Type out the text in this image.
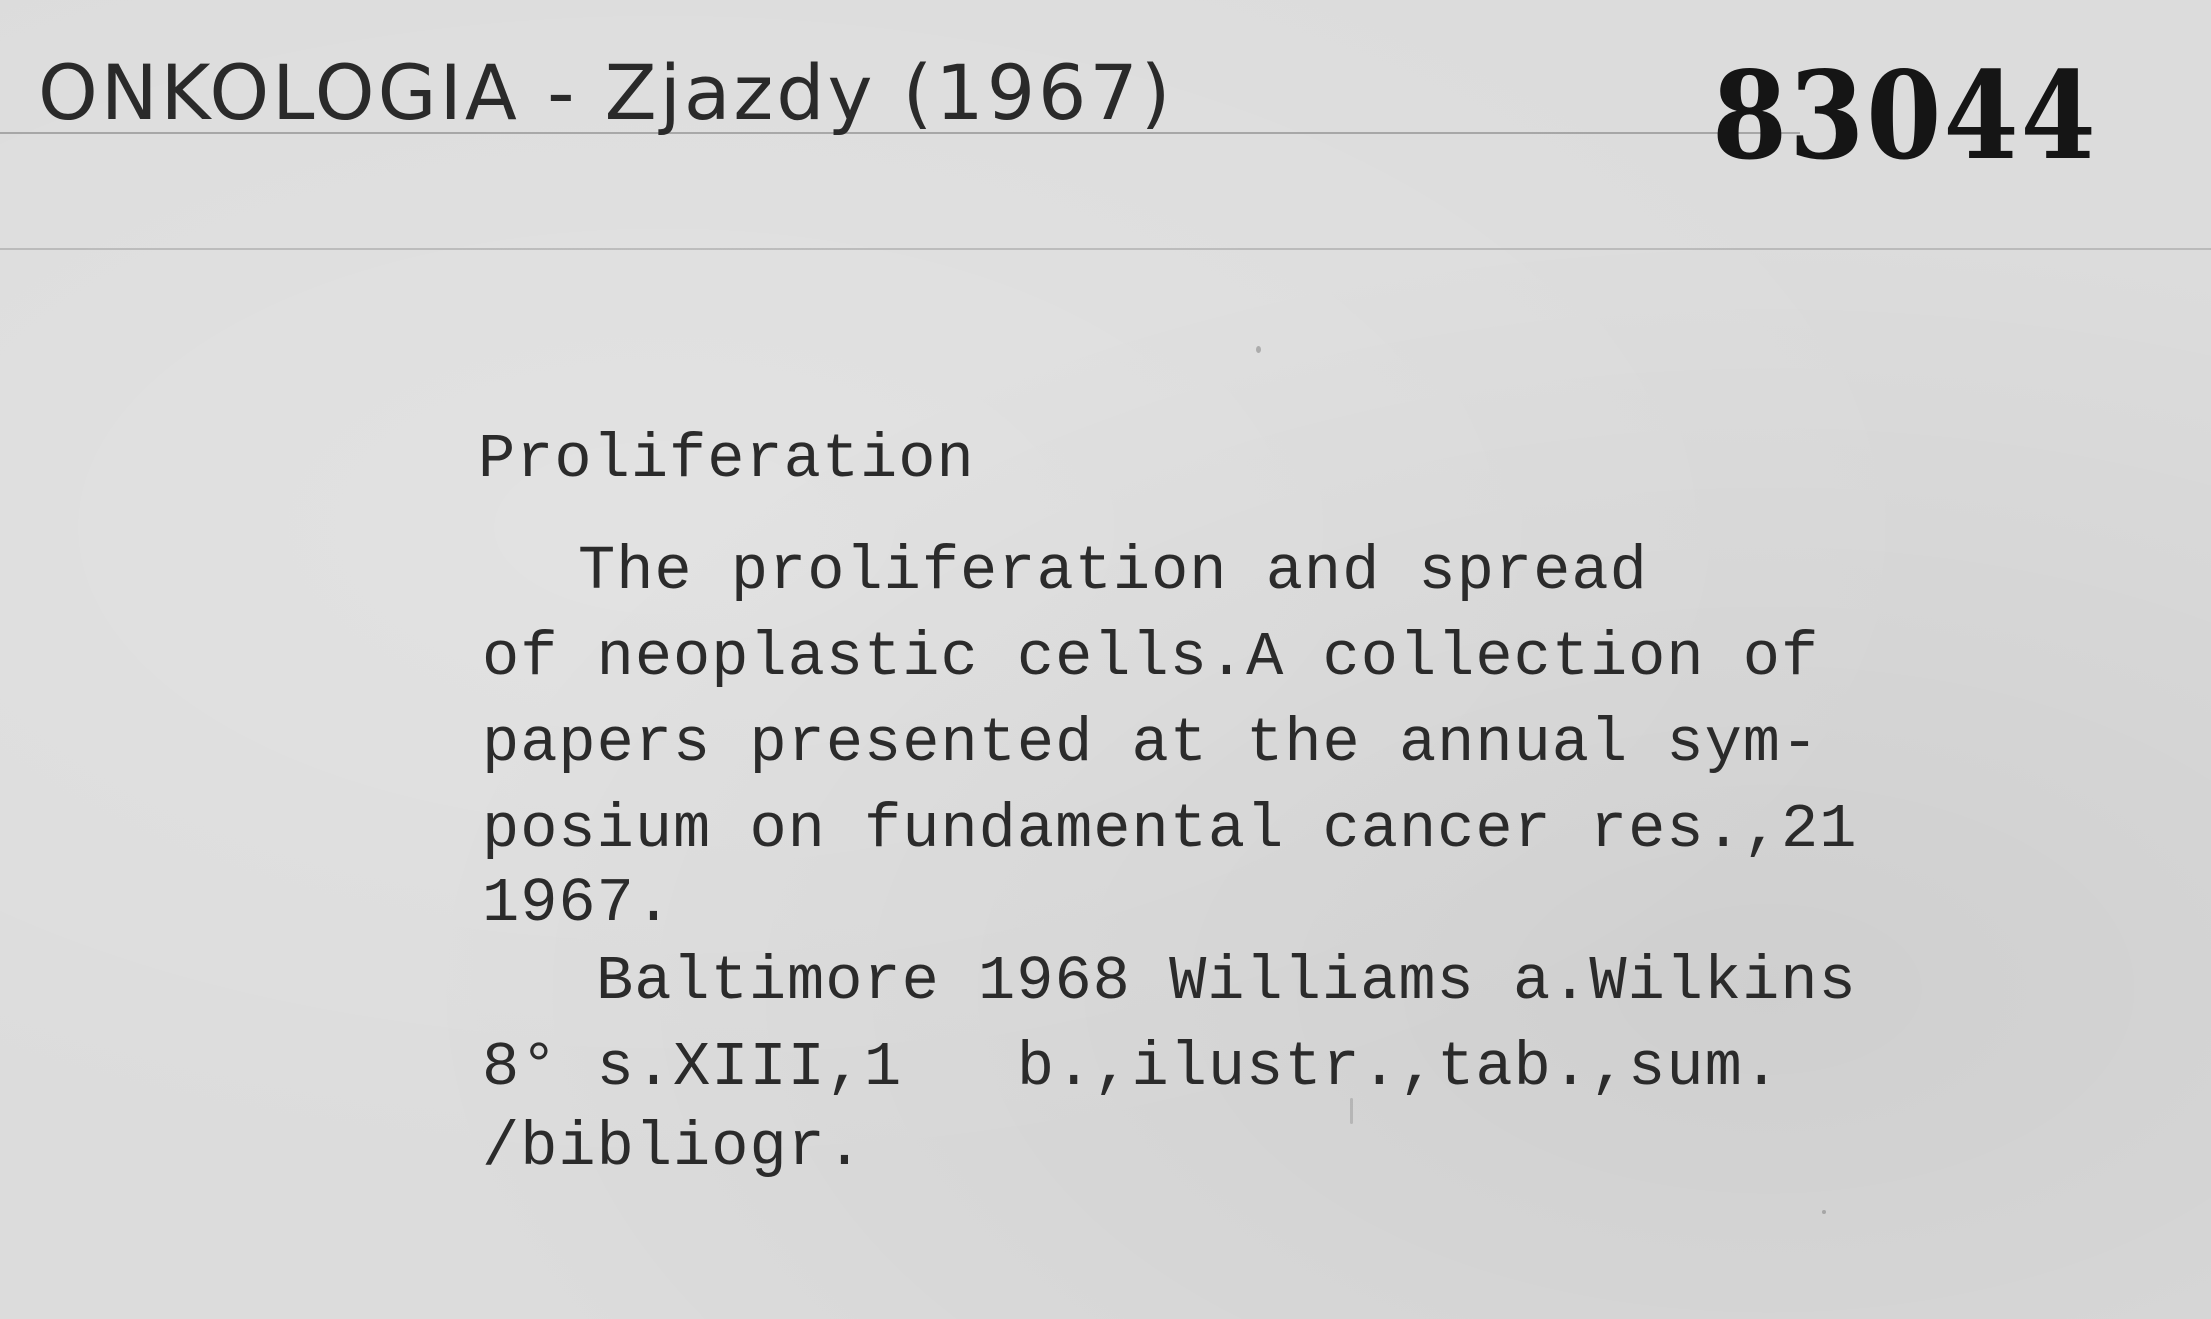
ONKOLOGIA - Zjazdy (1967)	83044
Proliferation
The proliferation and spread
of neoplastic cells.A collection of
papers presented at the annual sym-
posium on fundamental cancer res.,21
1967.
Baltimore 1968 Williams a.Wilkins
8° s.XIII,1   b.,ilustr.,tab.,sum.
/bibliogr.
